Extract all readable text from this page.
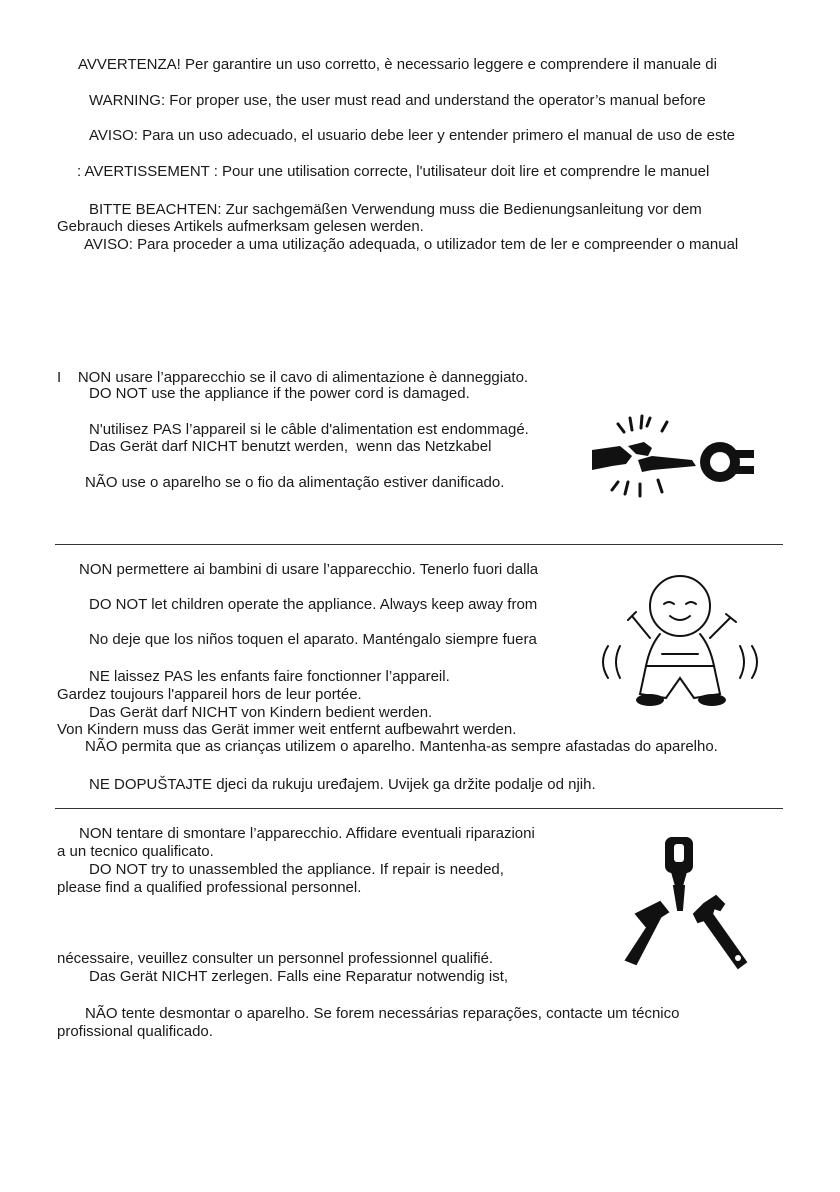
AVVERTENZA! Per garantire un uso corretto, è necessario leggere e comprendere il manuale di
WARNING: For proper use, the user must read and understand the operator’s manual before
AVISO: Para un uso adecuado, el usuario debe leer y entender primero el manual de uso de este
: AVERTISSEMENT : Pour une utilisation correcte, l'utilisateur doit lire et comprendre le manuel
BITTE BEACHTEN: Zur sachgemäßen Verwendung muss die Bedienungsanleitung vor dem
Gebrauch dieses Artikels aufmerksam gelesen werden.
AVISO: Para proceder a uma utilização adequada, o utilizador tem de ler e compreender o manual
I    NON usare l’apparecchio se il cavo di alimentazione è danneggiato.
DO NOT use the appliance if the power cord is damaged.
N'utilisez PAS l’appareil si le câble d'alimentation est endommagé.
Das Gerät darf NICHT benutzt werden,  wenn das Netzkabel
NÃO use o aparelho se o fio da alimentação estiver danificado.
NON permettere ai bambini di usare l’apparecchio. Tenerlo fuori dalla
DO NOT let children operate the appliance. Always keep away from
No deje que los niños toquen el aparato. Manténgalo siempre fuera
NE laissez PAS les enfants faire fonctionner l’appareil.
Gardez toujours l'appareil hors de leur portée.
Das Gerät darf NICHT von Kindern bedient werden.
Von Kindern muss das Gerät immer weit entfernt aufbewahrt werden.
NÃO permita que as crianças utilizem o aparelho. Mantenha-as sempre afastadas do aparelho.
NE DOPUŠTAJTE djeci da rukuju uređajem. Uvijek ga držite podalje od njih.
NON tentare di smontare l’apparecchio. Affidare eventuali riparazioni
a un tecnico qualificato.
DO NOT try to unassembled the appliance. If repair is needed,
please find a qualified professional personnel.
nécessaire, veuillez consulter un personnel professionnel qualifié.
Das Gerät NICHT zerlegen. Falls eine Reparatur notwendig ist,
NÃO tente desmontar o aparelho. Se forem necessárias reparações, contacte um técnico
profissional qualificado.
